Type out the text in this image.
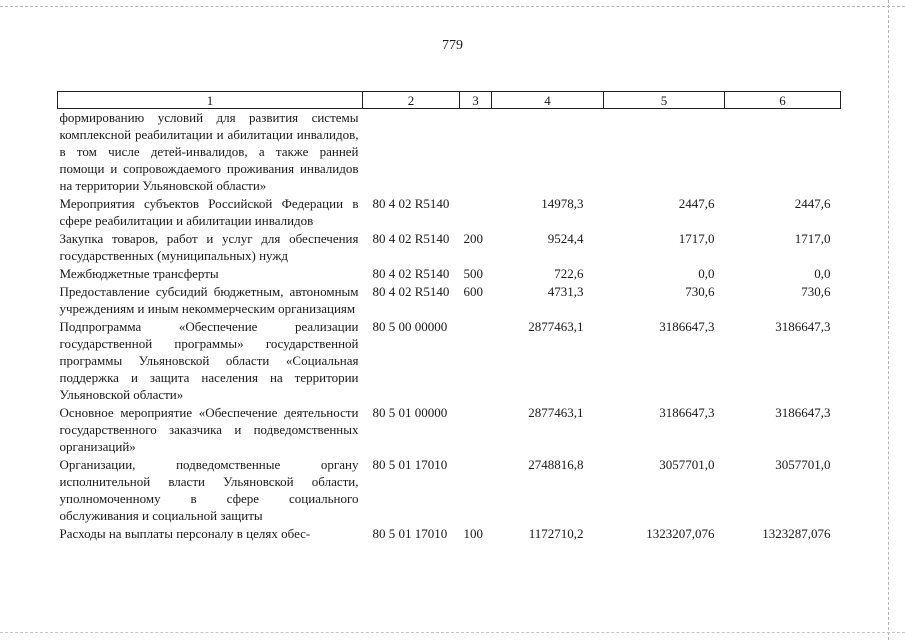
779
1	2	3	4	5	6
формированию условий для развития системы комплексной реабилитации и абилитации инвалидов, в том числе детей-инвалидов, а также ранней помощи и сопровождаемого проживания инвалидов на территории Ульяновской области»					
Мероприятия субъектов Российской Федерации в сфере реабилитации и абилитации инвалидов	80 4 02 R5140		14978,3	2447,6	2447,6
Закупка товаров, работ и услуг для обеспечения государственных (муниципальных) нужд	80 4 02 R5140	200	9524,4	1717,0	1717,0
Межбюджетные трансферты	80 4 02 R5140	500	722,6	0,0	0,0
Предоставление субсидий бюджетным, автономным учреждениям и иным некоммерческим организациям	80 4 02 R5140	600	4731,3	730,6	730,6
Подпрограмма «Обеспечение реализации государственной программы» государственной программы Ульяновской области «Социальная поддержка и защита населения на территории Ульяновской области»	80 5 00 00000		2877463,1	3186647,3	3186647,3
Основное мероприятие «Обеспечение деятельности государственного заказчика и подведомственных организаций»	80 5 01 00000		2877463,1	3186647,3	3186647,3
Организации, подведомственные органу исполнительной власти Ульяновской области, уполномоченному в сфере социального обслуживания и социальной защиты	80 5 01 17010		2748816,8	3057701,0	3057701,0
Расходы на выплаты персоналу в целях обес-	80 5 01 17010	100	1172710,2	1323207,076	1323287,076
